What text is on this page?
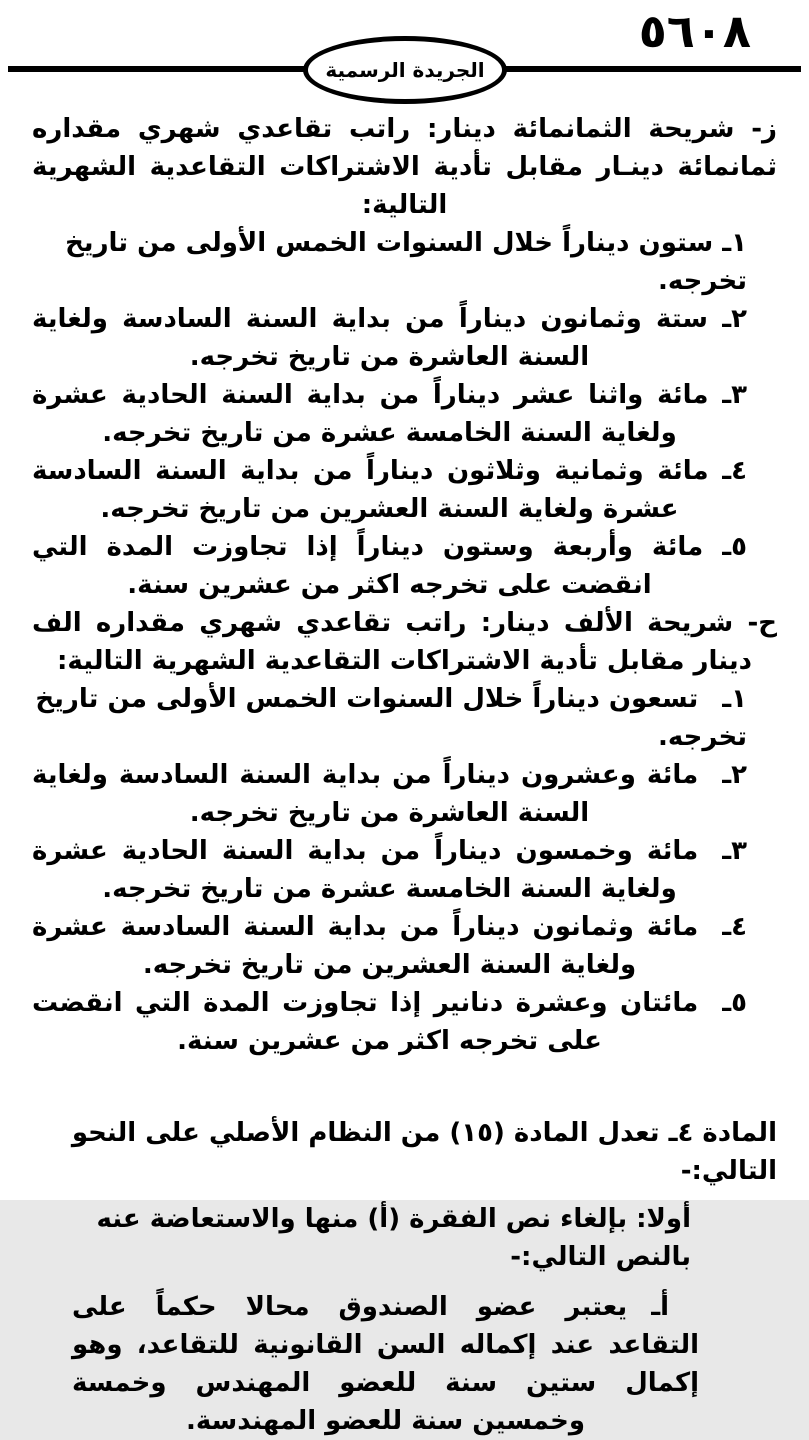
٥٦٠٨
الجريدة الرسمية

ز- شريحة الثمانمائة دينار: راتب تقاعدي شهري مقداره ثمانمائة دينـار مقابل تأدية الاشتراكات التقاعدية الشهرية التالية:

١ـ ستون ديناراً خلال السنوات الخمس الأولى من تاريخ تخرجه.

٢ـ ستة وثمانون ديناراً من بداية السنة السادسة ولغاية السنة العاشرة من تاريخ تخرجه.

٣ـ مائة واثنا عشر ديناراً من بداية السنة الحادية عشرة ولغاية السنة الخامسة عشرة من تاريخ تخرجه.

٤ـ مائة وثمانية وثلاثون ديناراً من بداية السنة السادسة عشرة ولغاية السنة العشرين من تاريخ تخرجه.

٥ـ مائة وأربعة وستون ديناراً إذا تجاوزت المدة التي انقضت على تخرجه اكثر من عشرين سنة.

ح- شريحة الألف دينار: راتب تقاعدي شهري مقداره الف دينار مقابل تأدية الاشتراكات التقاعدية الشهرية التالية:

١ـتسعون ديناراً خلال السنوات الخمس الأولى من تاريخ تخرجه.

٢ـمائة وعشرون ديناراً من بداية السنة السادسة ولغاية السنة العاشرة من تاريخ تخرجه.

٣ـمائة وخمسون ديناراً من بداية السنة الحادية عشرة ولغاية السنة الخامسة عشرة من تاريخ تخرجه.

٤ـمائة وثمانون ديناراً من بداية السنة السادسة عشرة ولغاية السنة العشرين من تاريخ تخرجه.

٥ـمائتان وعشرة دنانير إذا تجاوزت المدة التي انقضت على تخرجه اكثر من عشرين سنة.

المادة ٤ـ تعدل المادة (١٥) من النظام الأصلي على النحو التالي:-

أولا: بإلغاء نص الفقرة (أ) منها والاستعاضة عنه بالنص التالي:-

أـيعتبر عضو الصندوق محالا حكماً على التقاعد عند إكماله السن القانونية للتقاعد، وهو إكمال ستين سنة للعضو المهندس وخمسة وخمسين سنة للعضو المهندسة.
